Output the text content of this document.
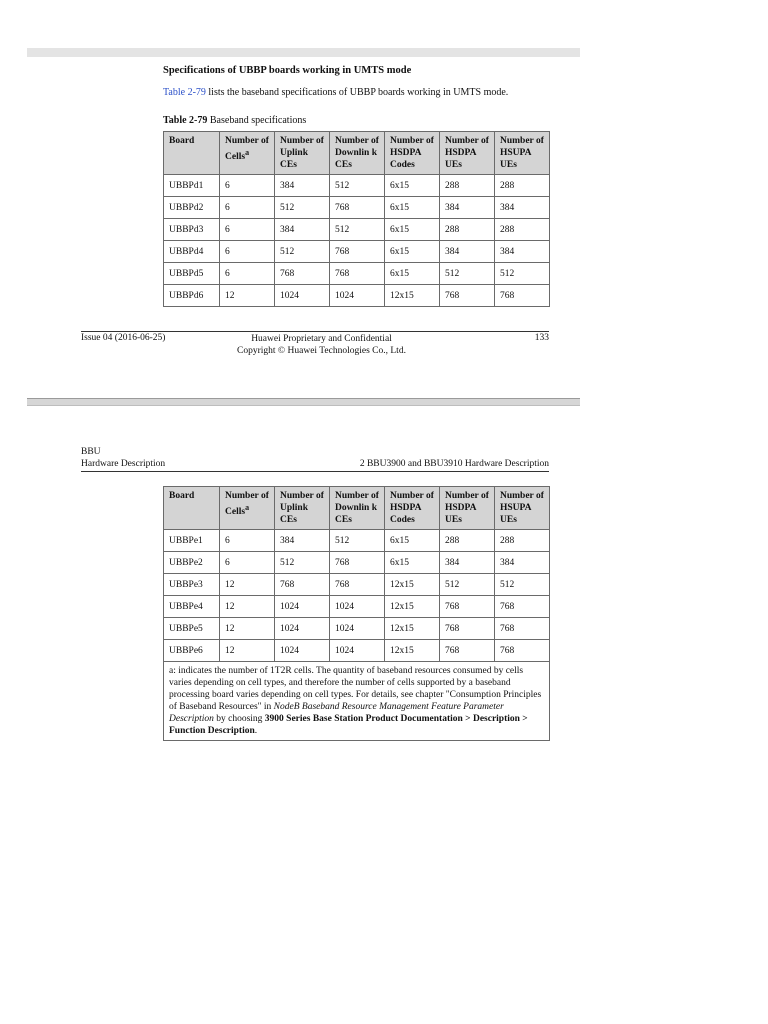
Specifications of UBBP boards working in UMTS mode
Table 2-79 lists the baseband specifications of UBBP boards working in UMTS mode.
Table 2-79 Baseband specifications
Board	Number of Cells$^a$	Number of Uplink CEs	Number of Downlin k CEs	Number of HSDPA Codes	Number of HSDPA UEs	Number of HSUPA UEs
UBBPd1	6	384	512	6x15	288	288
UBBPd2	6	512	768	6x15	384	384
UBBPd3	6	384	512	6x15	288	288
UBBPd4	6	512	768	6x15	384	384
UBBPd5	6	768	768	6x15	512	512
UBBPd6	12	1024	1024	12x15	768	768
Issue 04 (2016-06-25)	Huawei Proprietary and Confidential
Copyright © Huawei Technologies Co., Ltd.
133
BBU
Hardware Description	2 BBU3900 and BBU3910 Hardware Description
Board	Number of Cells$^a$	Number of Uplink CEs	Number of Downlin k CEs	Number of HSDPA Codes	Number of HSDPA UEs	Number of HSUPA UEs
UBBPe1	6	384	512	6x15	288	288
UBBPe2	6	512	768	6x15	384	384
UBBPe3	12	768	768	12x15	512	512
UBBPe4	12	1024	1024	12x15	768	768
UBBPe5	12	1024	1024	12x15	768	768
UBBPe6	12	1024	1024	12x15	768	768
a: indicates the number of 1T2R cells. The quantity of baseband resources consumed by cells varies depending on cell types, and therefore the number of cells supported by a baseband processing board varies depending on cell types. For details, see chapter "Consumption Principles of Baseband Resources" in NodeB Baseband Resource Management Feature Parameter Description by choosing 3900 Series Base Station Product Documentation > Description > Function Description.						
